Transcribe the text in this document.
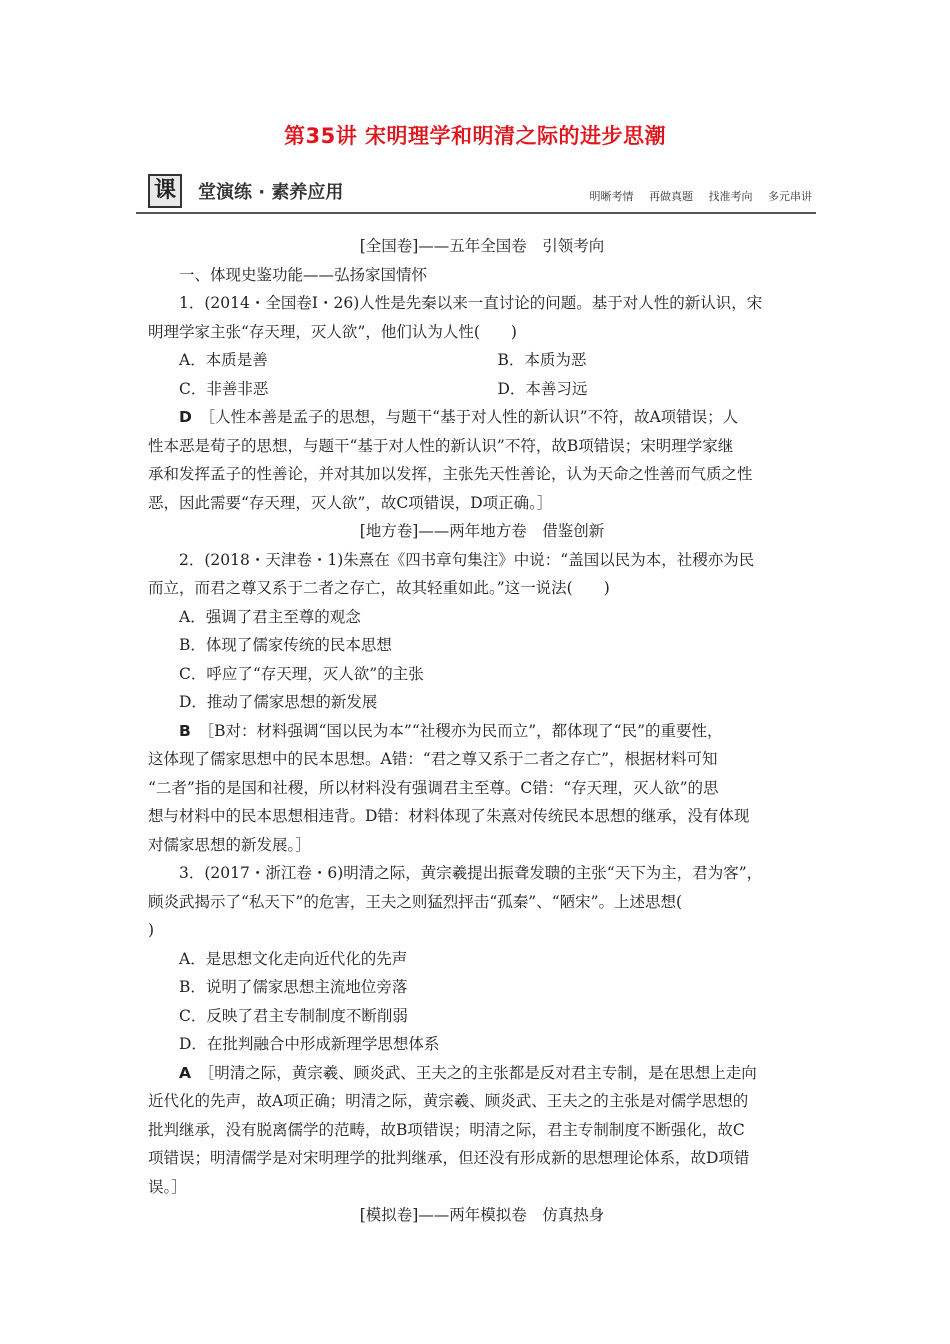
第35讲 宋明理学和明清之际的进步思潮
课	堂演练 · 素养应用	明晰考情 再做真题 找准考向 多元串讲
[全国卷]——五年全国卷　引领考向
一、体现史鉴功能——弘扬家国情怀
1．(2014・全国卷Ⅰ・26)人性是先秦以来一直讨论的问题。基于对人性的新认识，宋
明理学家主张“存天理，灭人欲”，他们认为人性(　　)
A．本质是善	B．本质为恶
C．非善非恶	D．本善习远
D　 ［人性本善是孟子的思想，与题干“基于对人性的新认识”不符，故A项错误；人
性本恶是荀子的思想，与题干“基于对人性的新认识”不符，故B项错误；宋明理学家继
承和发挥孟子的性善论，并对其加以发挥，主张先天性善论，认为天命之性善而气质之性
恶，因此需要“存天理，灭人欲”，故C项错误，D项正确。］
[地方卷]——两年地方卷　借鉴创新
2．(2018・天津卷・1)朱熹在《四书章句集注》中说：“盖国以民为本，社稷亦为民
而立，而君之尊又系于二者之存亡，故其轻重如此。”这一说法(　　)
A．强调了君主至尊的观念
B．体现了儒家传统的民本思想
C．呼应了“存天理，灭人欲”的主张
D．推动了儒家思想的新发展
B　 ［B对：材料强调“国以民为本”“社稷亦为民而立”，都体现了“民”的重要性，
这体现了儒家思想中的民本思想。A错：“君之尊又系于二者之存亡”，根据材料可知
“二者”指的是国和社稷，所以材料没有强调君主至尊。C错：“存天理，灭人欲”的思
想与材料中的民本思想相违背。D错：材料体现了朱熹对传统民本思想的继承，没有体现
对儒家思想的新发展。］
3．(2017・浙江卷・6)明清之际，黄宗羲提出振聋发聩的主张“天下为主，君为客”，
顾炎武揭示了“私天下”的危害，王夫之则猛烈抨击“孤秦”、“陋宋”。上述思想(
)
A．是思想文化走向近代化的先声
B．说明了儒家思想主流地位旁落
C．反映了君主专制制度不断削弱
D．在批判融合中形成新理学思想体系
A　 ［明清之际，黄宗羲、顾炎武、王夫之的主张都是反对君主专制，是在思想上走向
近代化的先声，故A项正确；明清之际，黄宗羲、顾炎武、王夫之的主张是对儒学思想的
批判继承，没有脱离儒学的范畴，故B项错误；明清之际，君主专制制度不断强化，故C
项错误；明清儒学是对宋明理学的批判继承，但还没有形成新的思想理论体系，故D项错
误。］
[模拟卷]——两年模拟卷　仿真热身
